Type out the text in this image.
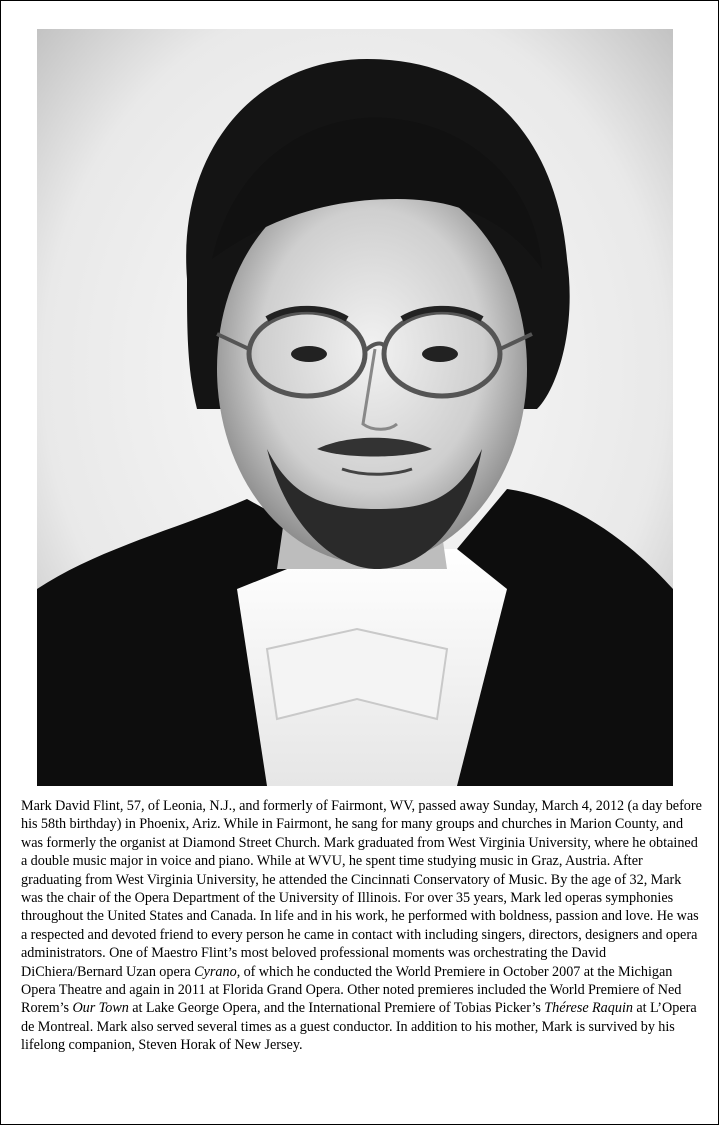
Mark David Flint, 57, of Leonia, N.J., and formerly of Fairmont, WV, passed away Sunday, March 4, 2012 (a day before his 58th birthday) in Phoenix, Ariz. While in Fairmont, he sang for many groups and churches in Marion County, and was formerly the organist at Diamond Street Church. Mark graduated from West Virginia University, where he obtained a double music major in voice and piano. While at WVU, he spent time studying music in Graz, Austria. After graduating from West Virginia University, he attended the Cincinnati Conservatory of Music. By the age of 32, Mark was the chair of the Opera Department of the University of Illinois. For over 35 years, Mark led operas symphonies throughout the United States and Canada. In life and in his work, he performed with boldness, passion and love. He was a respected and devoted friend to every person he came in contact with including singers, directors, designers and opera administrators. One of Maestro Flint’s most beloved professional moments was orchestrating the David DiChiera/Bernard Uzan opera Cyrano, of which he conducted the World Premiere in October 2007 at the Michigan Opera Theatre and again in 2011 at Florida Grand Opera. Other noted premieres included the World Premiere of Ned Rorem’s Our Town at Lake George Opera, and the International Premiere of Tobias Picker’s Thérese Raquin at L’Opera de Montreal. Mark also served several times as a guest conductor. In addition to his mother, Mark is survived by his lifelong companion, Steven Horak of New Jersey.
